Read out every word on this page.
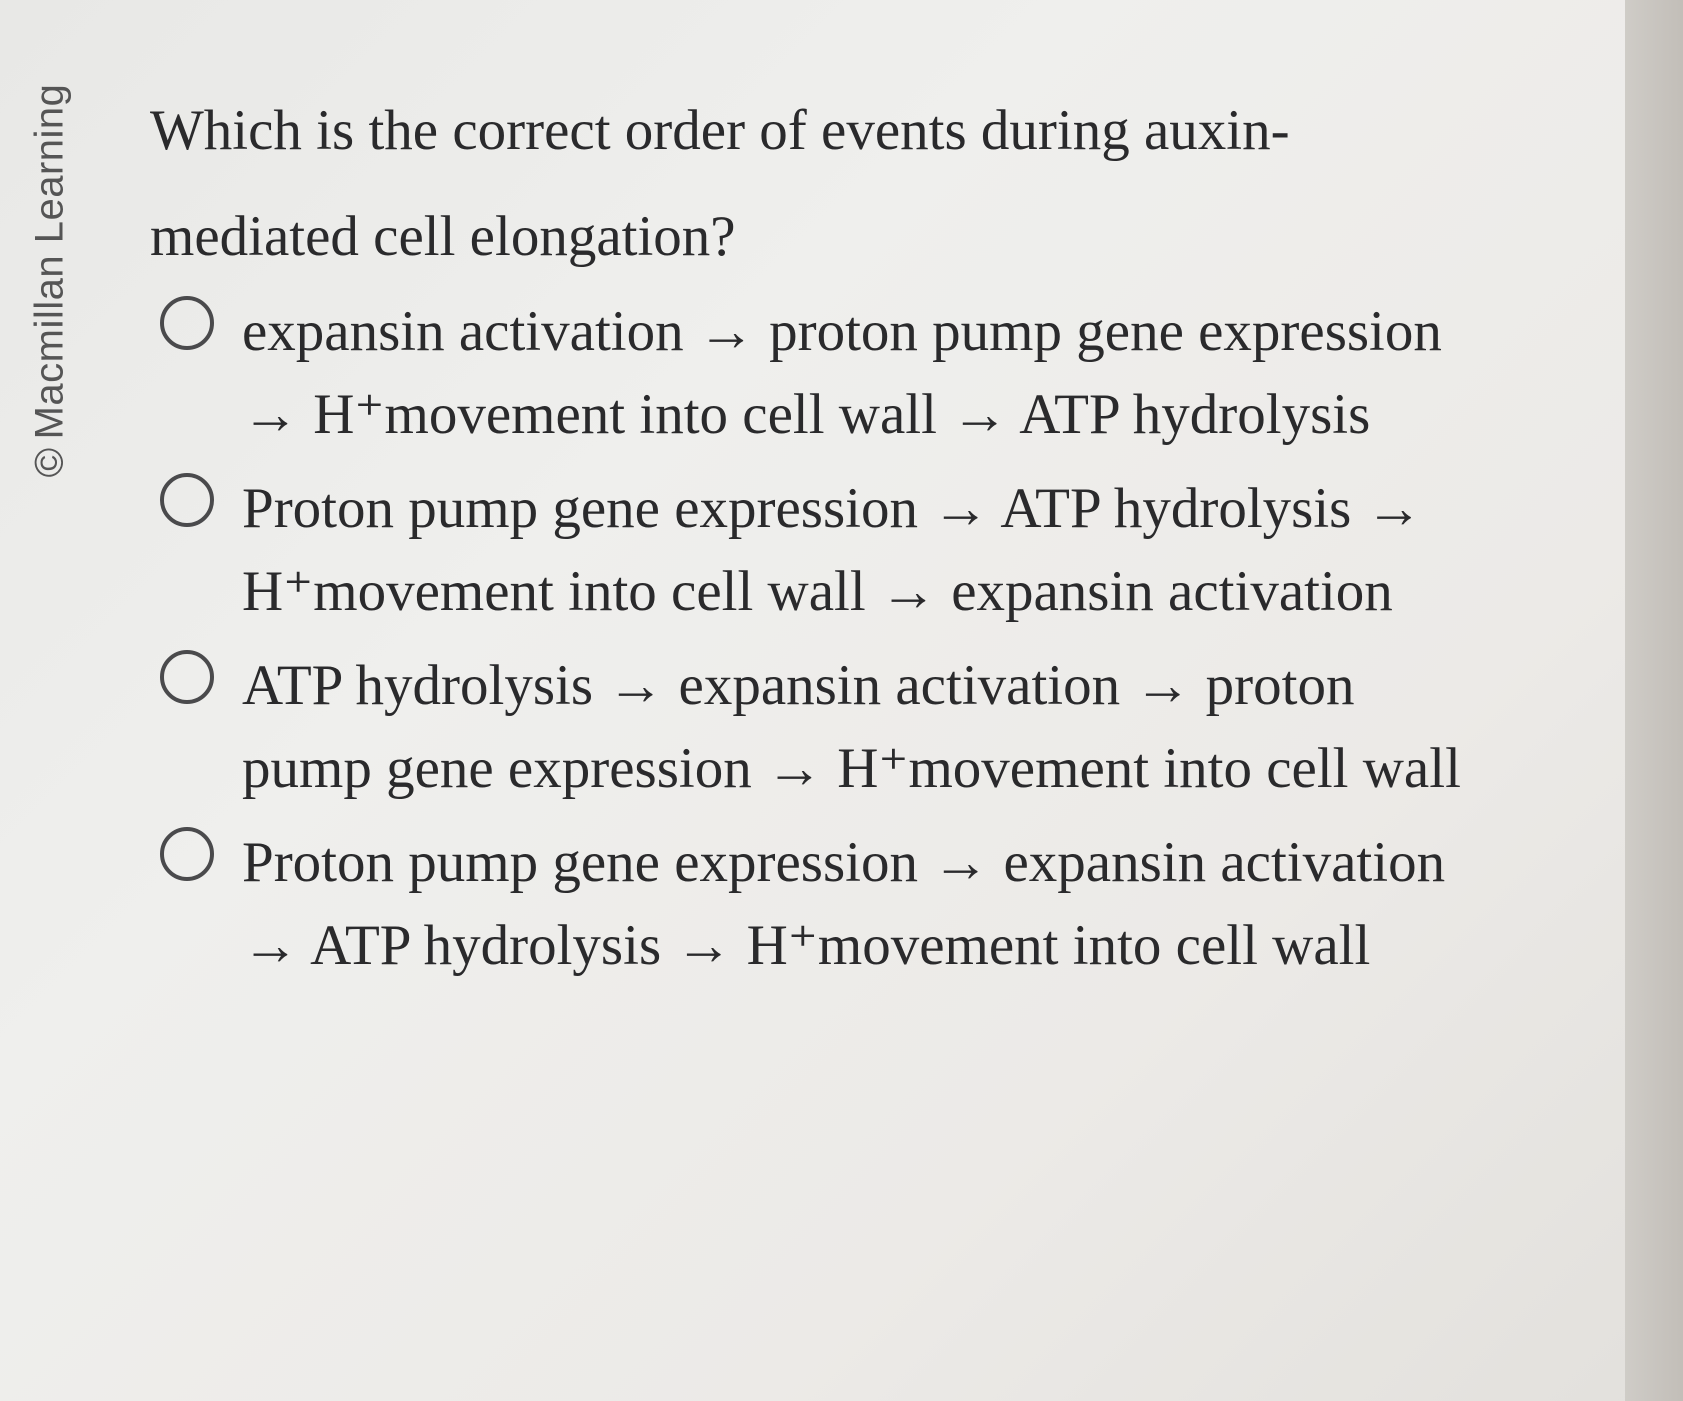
©Macmillan Learning Which is the correct order of events during auxin-mediated cell elongation?
expansin activation → proton pump gene expression → H⁺movement into cell wall → ATP hydrolysis
Proton pump gene expression → ATP hydrolysis → H⁺movement into cell wall → expansin activation
ATP hydrolysis → expansin activation → proton pump gene expression → H⁺movement into cell wall
Proton pump gene expression → expansin activation → ATP hydrolysis → H⁺movement into cell wall
